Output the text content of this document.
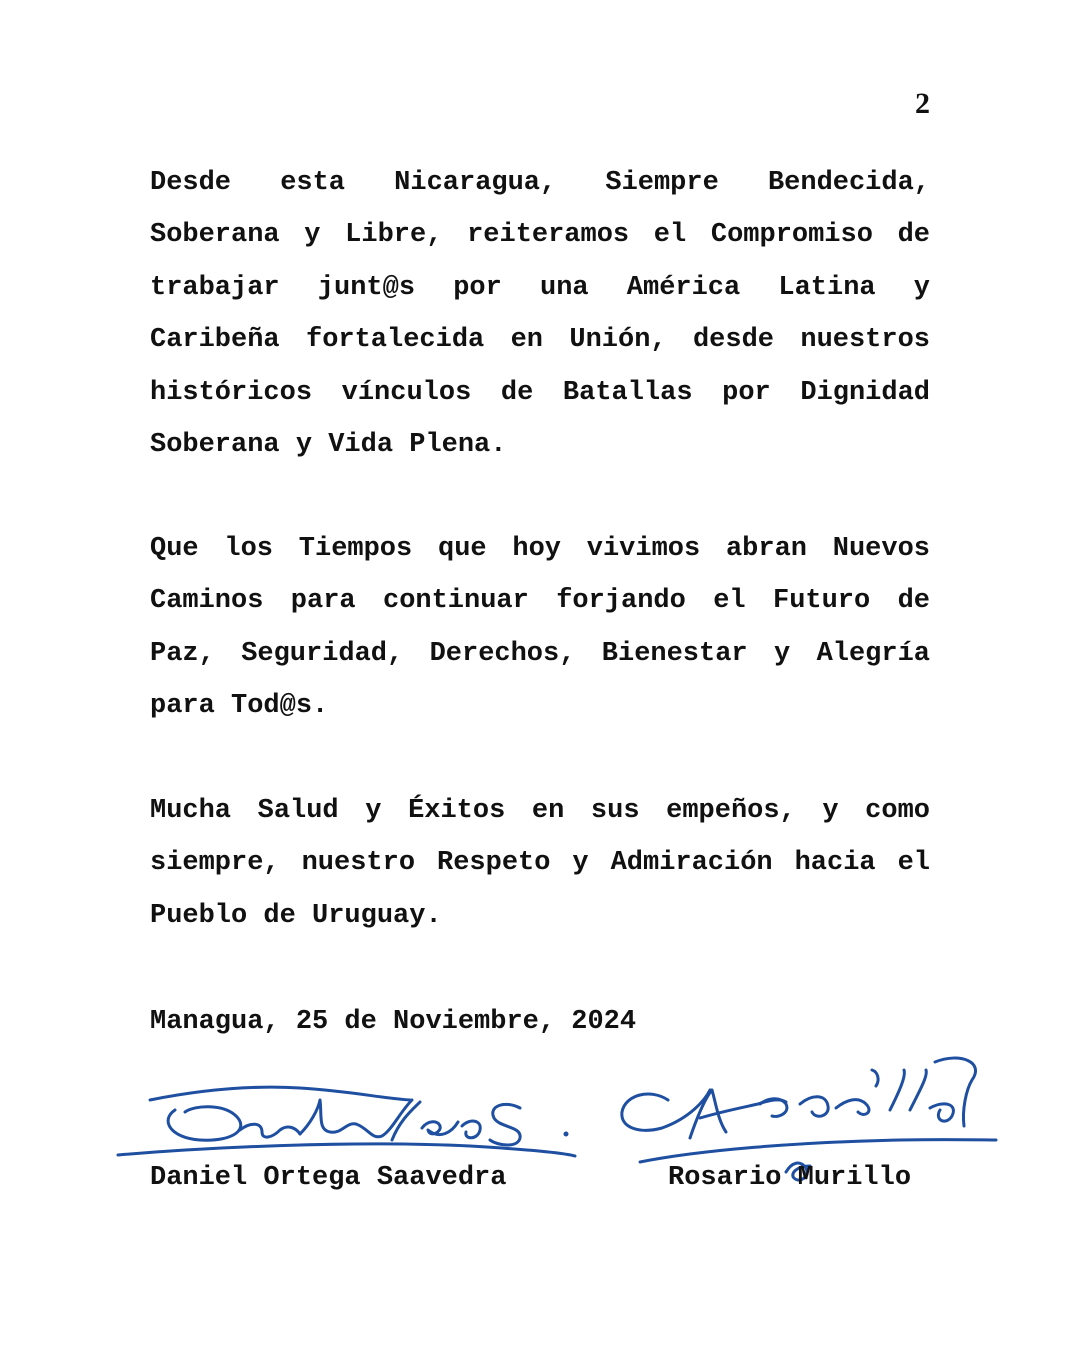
2

Desde esta Nicaragua, Siempre Bendecida, Soberana y Libre, reiteramos el Compromiso de trabajar junt@s por una América Latina y Caribeña fortalecida en Unión, desde nuestros históricos vínculos de Batallas por Dignidad Soberana y Vida Plena.

Que los Tiempos que hoy vivimos abran Nuevos Caminos para continuar forjando el Futuro de Paz, Seguridad, Derechos, Bienestar y Alegría para Tod@s.

Mucha Salud y Éxitos en sus empeños, y como siempre, nuestro Respeto y Admiración hacia el Pueblo de Uruguay.

Managua, 25 de Noviembre, 2024
Daniel Ortega Saavedra	Rosario Murillo
